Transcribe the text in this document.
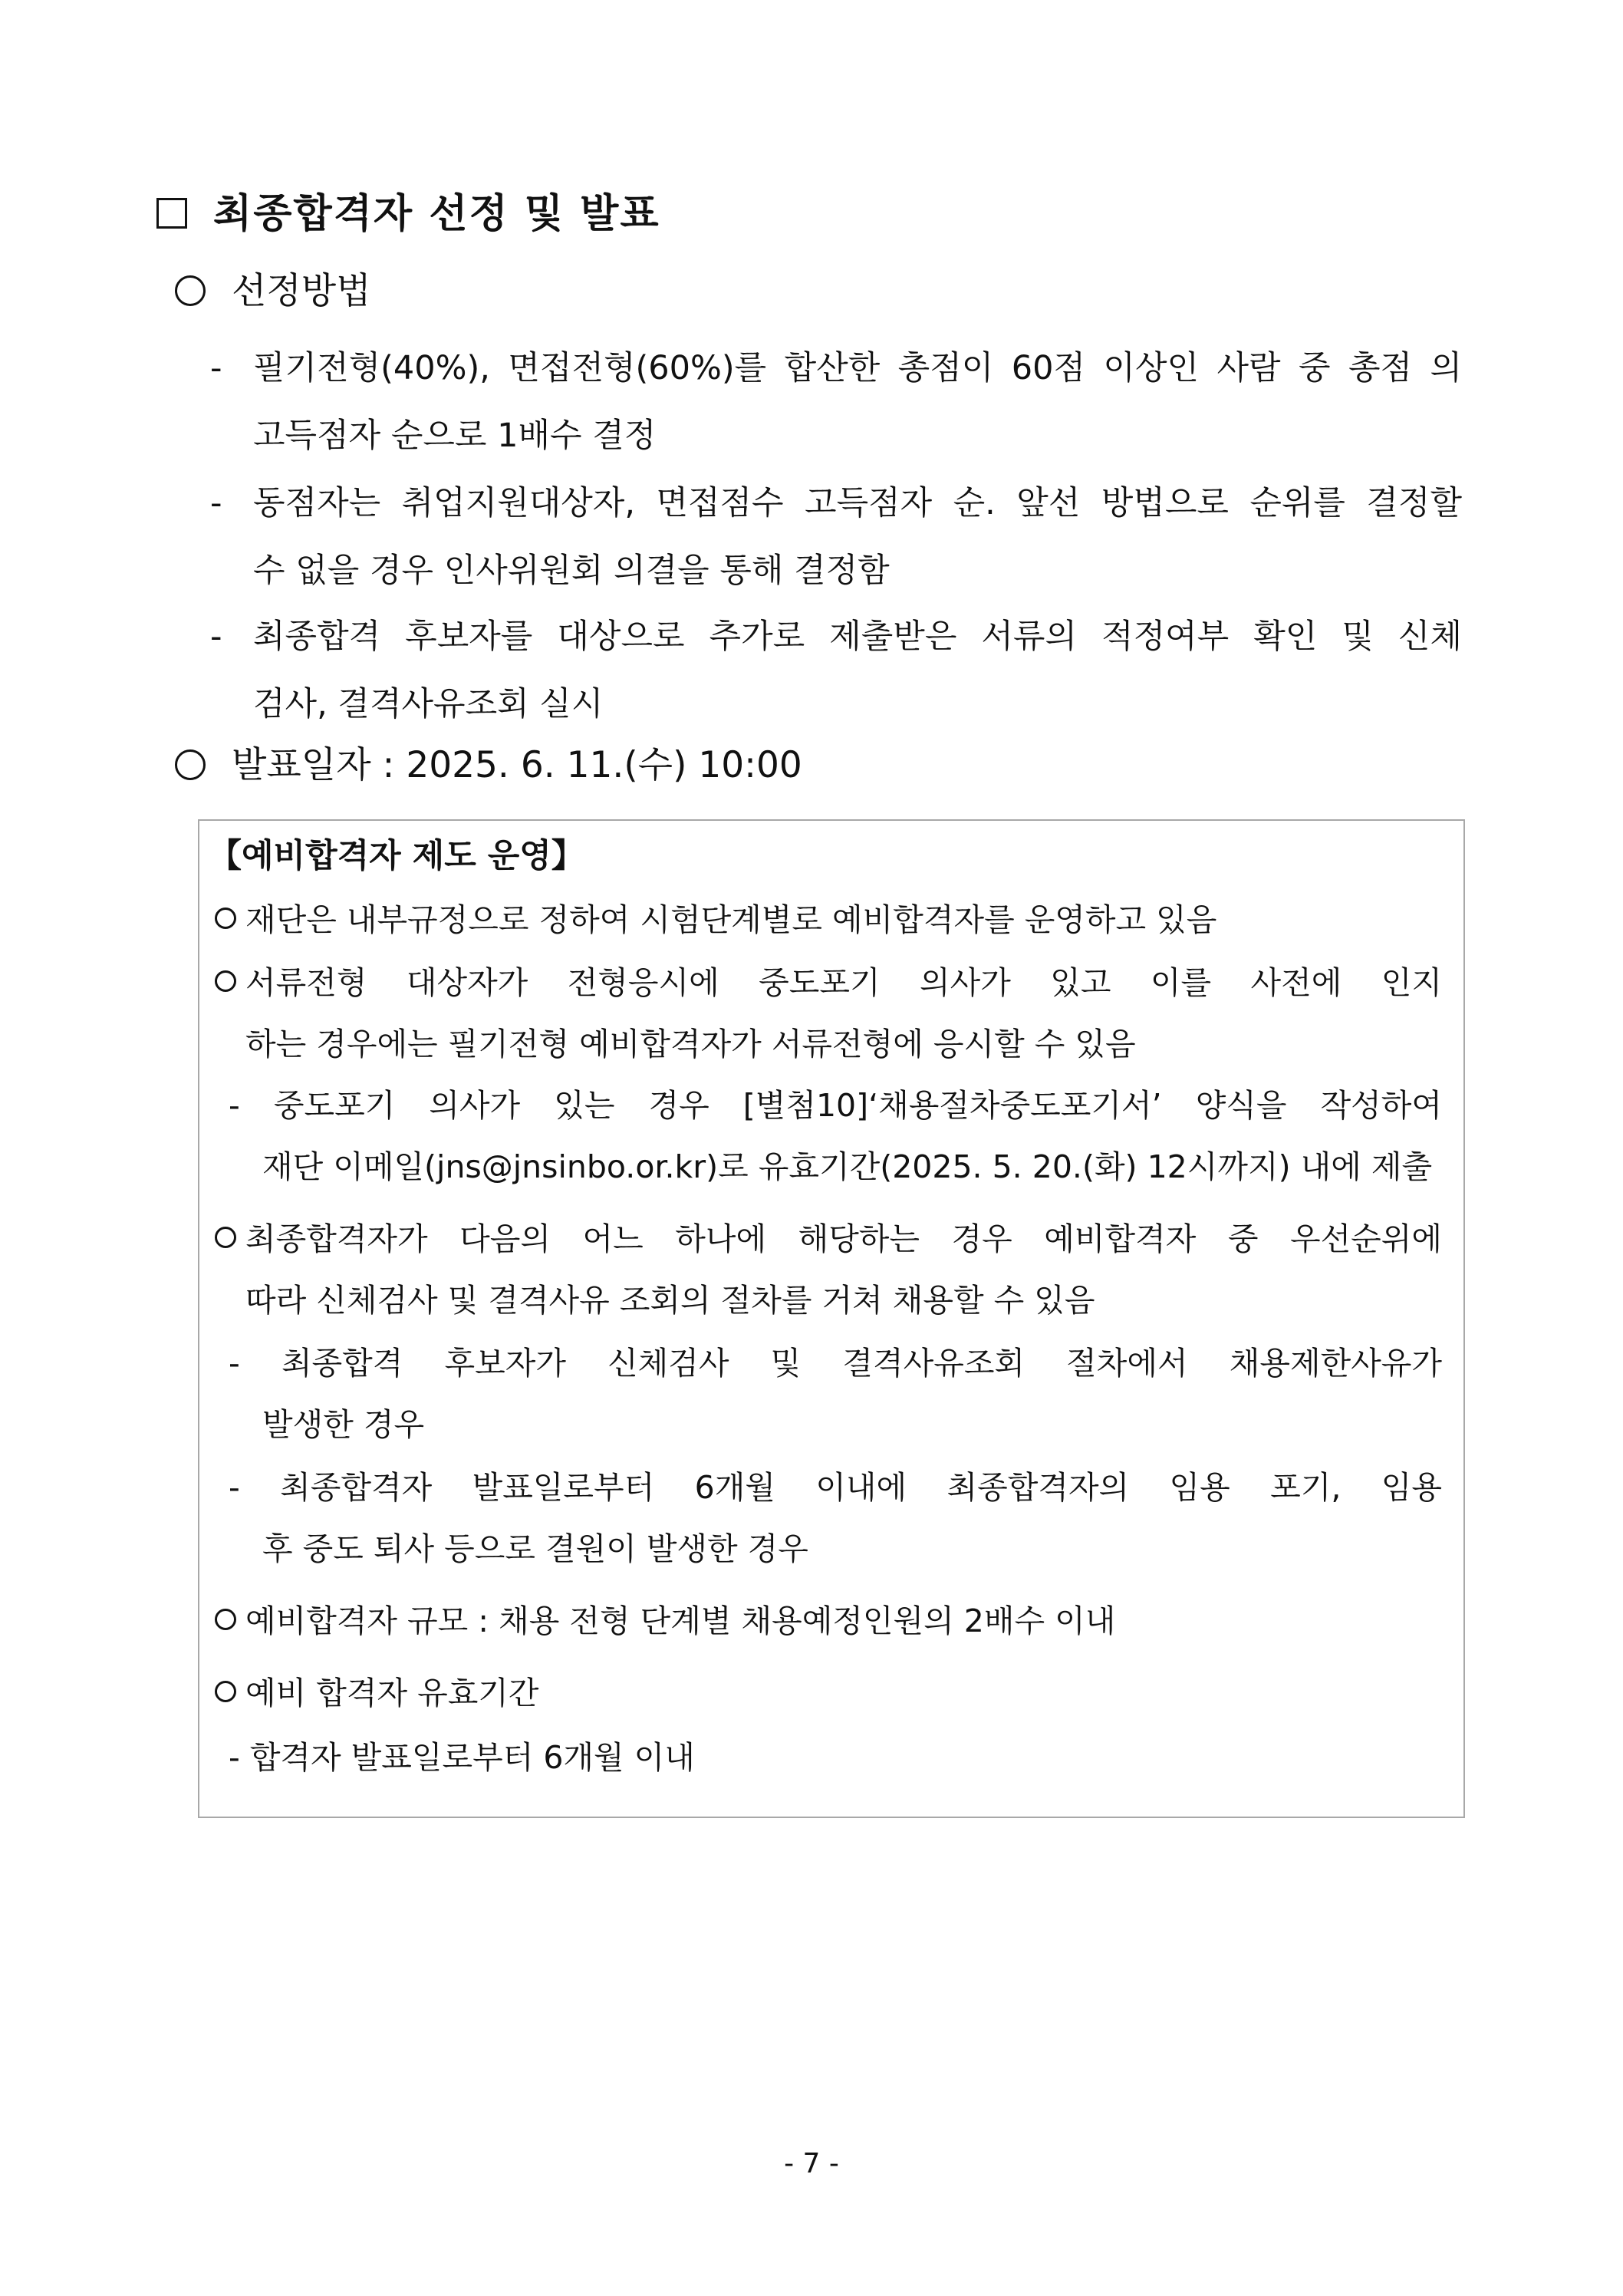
최종합격자 선정 및 발표
선정방법
- 필기전형(40%), 면접전형(60%)를 합산한 총점이 60점 이상인 사람 중 총점 의
고득점자 순으로 1배수 결정
- 동점자는 취업지원대상자, 면접점수 고득점자 순. 앞선 방법으로 순위를 결정할
수 없을 경우 인사위원회 의결을 통해 결정함
- 최종합격 후보자를 대상으로 추가로 제출받은 서류의 적정여부 확인 및 신체
검사, 결격사유조회 실시
발표일자 : 2025. 6. 11.(수) 10:00
【예비합격자 제도 운영】
재단은 내부규정으로 정하여 시험단계별로 예비합격자를 운영하고 있음
서류전형 대상자가 전형응시에 중도포기 의사가 있고 이를 사전에 인지
하는 경우에는 필기전형 예비합격자가 서류전형에 응시할 수 있음
- 중도포기 의사가 있는 경우 [별첨10]‘채용절차중도포기서’ 양식을 작성하여
재단 이메일(jns@jnsinbo.or.kr)로 유효기간(2025. 5. 20.(화) 12시까지) 내에 제출
최종합격자가 다음의 어느 하나에 해당하는 경우 예비합격자 중 우선순위에
따라 신체검사 및 결격사유 조회의 절차를 거쳐 채용할 수 있음
- 최종합격 후보자가 신체검사 및 결격사유조회 절차에서 채용제한사유가
발생한 경우
- 최종합격자 발표일로부터 6개월 이내에 최종합격자의 임용 포기, 임용
후 중도 퇴사 등으로 결원이 발생한 경우
예비합격자 규모 : 채용 전형 단계별 채용예정인원의 2배수 이내
예비 합격자 유효기간
- 합격자 발표일로부터 6개월 이내
- 7 -
